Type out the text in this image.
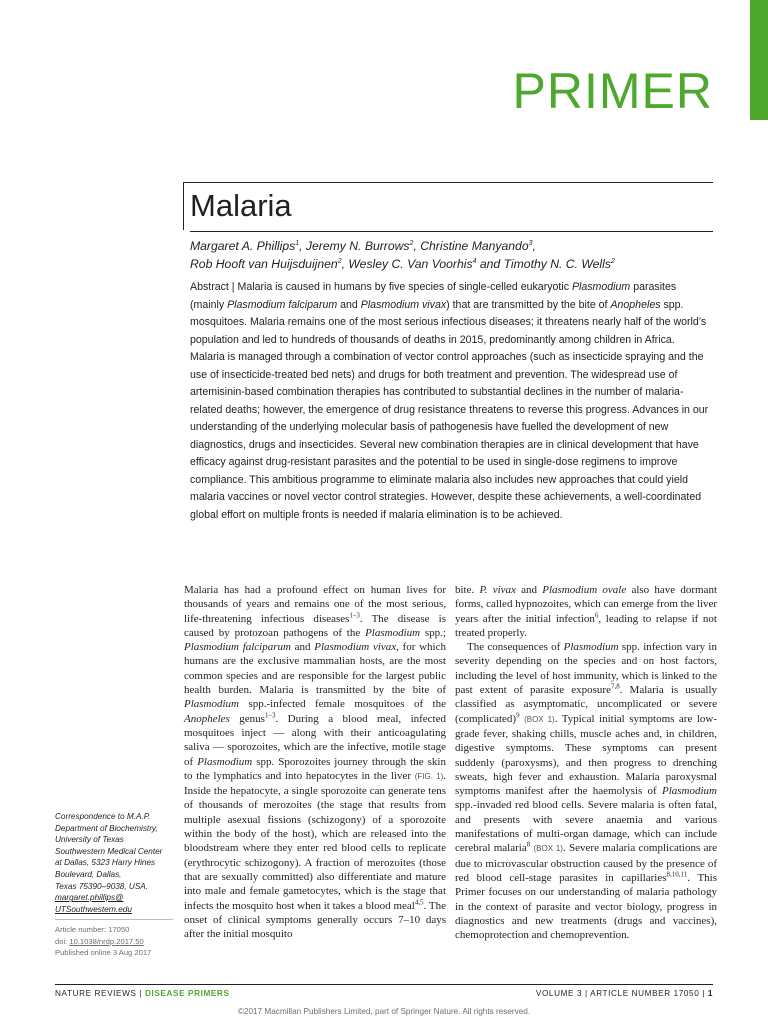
PRIMER
Malaria
Margaret A. Phillips$^1$, Jeremy N. Burrows$^2$, Christine Manyando$^3$,
Rob Hooft van Huijsduijnen$^2$, Wesley C. Van Voorhis$^4$ and Timothy N. C. Wells$^2$
Abstract | Malaria is caused in humans by five species of single-celled eukaryotic Plasmodium parasites (mainly Plasmodium falciparum and Plasmodium vivax) that are transmitted by the bite of Anopheles spp. mosquitoes. Malaria remains one of the most serious infectious diseases; it threatens nearly half of the world’s population and led to hundreds of thousands of deaths in 2015, predominantly among children in Africa. Malaria is managed through a combination of vector control approaches (such as insecticide spraying and the use of insecticide-treated bed nets) and drugs for both treatment and prevention. The widespread use of artemisinin-based combination therapies has contributed to substantial declines in the number of malaria-related deaths; however, the emergence of drug resistance threatens to reverse this progress. Advances in our understanding of the underlying molecular basis of pathogenesis have fuelled the development of new diagnostics, drugs and insecticides. Several new combination therapies are in clinical development that have efficacy against drug-resistant parasites and the potential to be used in single-dose regimens to improve compliance. This ambitious programme to eliminate malaria also includes new approaches that could yield malaria vaccines or novel vector control strategies. However, despite these achievements, a well-coordinated global effort on multiple fronts is needed if malaria elimination is to be achieved.

Malaria has had a profound effect on human lives for thousands of years and remains one of the most serious, life-threatening infectious diseases$^{1-3}$. The disease is caused by protozoan pathogens of the Plasmodium spp.; Plasmodium falciparum and Plasmodium vivax, for which humans are the exclusive mammalian hosts, are the most common species and are responsible for the largest public health burden. Malaria is transmitted by the bite of Plasmodium spp.-infected female mosquitoes of the Anopheles genus$^{1-3}$. During a blood meal, infected mosquitoes inject — along with their anticoagulating saliva — sporozoites, which are the infective, motile stage of Plasmodium spp. Sporozoites journey through the skin to the lymphatics and into hepatocytes in the liver (FIG. 1). Inside the hepatocyte, a single sporozoite can generate tens of thousands of merozoites (the stage that results from multiple asexual fissions (schizogony) of a sporozoite within the body of the host), which are released into the bloodstream where they enter red blood cells to replicate (erythrocytic schizogony). A fraction of merozoites (those that are sexually committed) also differentiate and mature into male and female gametocytes, which is the stage that infects the mosquito host when it takes a blood meal$^{4,5}$. The onset of clinical symptoms generally occurs 7–10 days after the initial mosquito

bite. P. vivax and Plasmodium ovale also have dormant forms, called hypnozoites, which can emerge from the liver years after the initial infection$^6$, leading to relapse if not treated properly.

The consequences of Plasmodium spp. infection vary in severity depending on the species and on host factors, including the level of host immunity, which is linked to the past extent of parasite exposure$^{7,8}$. Malaria is usually classified as asymptomatic, uncomplicated or severe (complicated)$^9$ (BOX 1). Typical initial symptoms are low-grade fever, shaking chills, muscle aches and, in children, digestive symptoms. These symptoms can present suddenly (paroxysms), and then progress to drenching sweats, high fever and exhaustion. Malaria paroxysmal symptoms manifest after the haemolysis of Plasmodium spp.-invaded red blood cells. Severe malaria is often fatal, and presents with severe anaemia and various manifestations of multi-organ damage, which can include cerebral malaria$^8$ (BOX 1). Severe malaria complications are due to microvascular obstruction caused by the presence of red blood cell-stage parasites in capillaries$^{8,10,11}$. This Primer focuses on our understanding of malaria pathology in the context of parasite and vector biology, progress in diagnostics and new treatments (drugs and vaccines), chemoprotection and chemoprevention.

Correspondence to M.A.P.
Department of Biochemistry,
University of Texas
Southwestern Medical Center
at Dallas, 5323 Harry Hines
Boulevard, Dallas,
Texas 75390–9038, USA.
margaret.phillips@
UTSouthwestern.edu
Article number: 17050
doi: 10.1038/nrdp.2017.50
Published online 3 Aug 2017
NATURE REVIEWS | DISEASE PRIMERS	VOLUME 3 | ARTICLE NUMBER 17050 | 1
©2017 Macmillan Publishers Limited, part of Springer Nature. All rights reserved.
